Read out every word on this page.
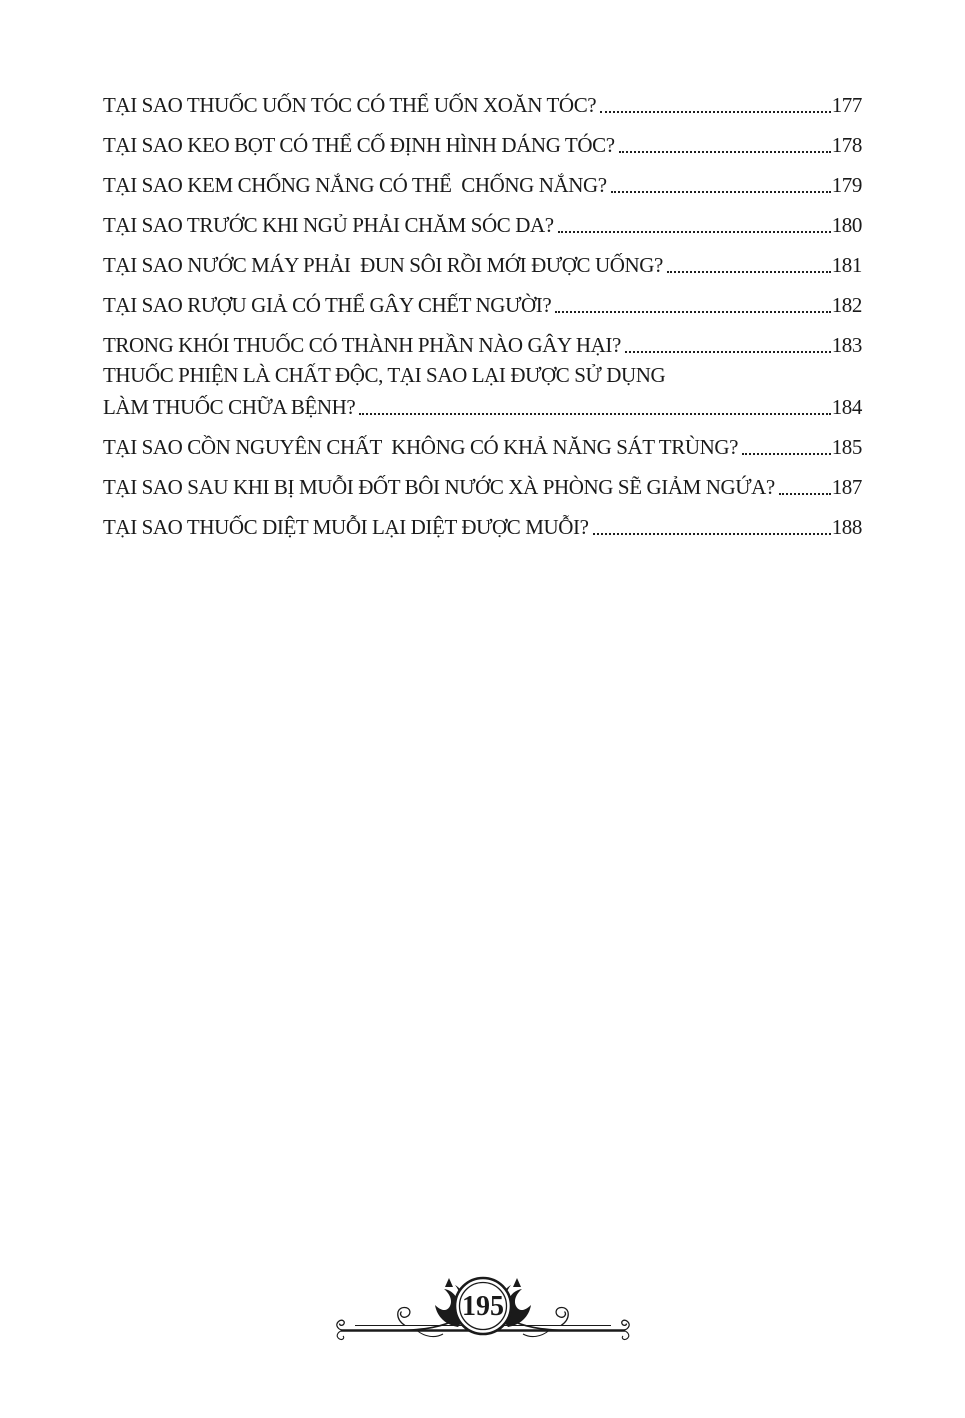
TẠI SAO THUỐC UỐN TÓC CÓ THỂ UỐN XOĂN TÓC?	177
TẠI SAO KEO BỌT CÓ THỂ CỐ ĐỊNH HÌNH DÁNG TÓC?	178
TẠI SAO KEM CHỐNG NẮNG CÓ THỂ  CHỐNG NẮNG?	179
TẠI SAO TRƯỚC KHI NGỦ PHẢI CHĂM SÓC DA?	180
TẠI SAO NƯỚC MÁY PHẢI  ĐUN SÔI RỒI MỚI ĐƯỢC UỐNG?	181
TẠI SAO RƯỢU GIẢ CÓ THỂ GÂY CHẾT NGƯỜI?	182
TRONG KHÓI THUỐC CÓ THÀNH PHẦN NÀO GÂY HẠI?	183
THUỐC PHIỆN LÀ CHẤT ĐỘC, TẠI SAO LẠI ĐƯỢC SỬ DỤNG
LÀM THUỐC CHỮA BỆNH?	184
TẠI SAO CỒN NGUYÊN CHẤT  KHÔNG CÓ KHẢ NĂNG SÁT TRÙNG?	185
TẠI SAO SAU KHI BỊ MUỖI ĐỐT BÔI NƯỚC XÀ PHÒNG SẼ GIẢM NGỨA?	187
TẠI SAO THUỐC DIỆT MUỖI LẠI DIỆT ĐƯỢC MUỖI?	188
195
